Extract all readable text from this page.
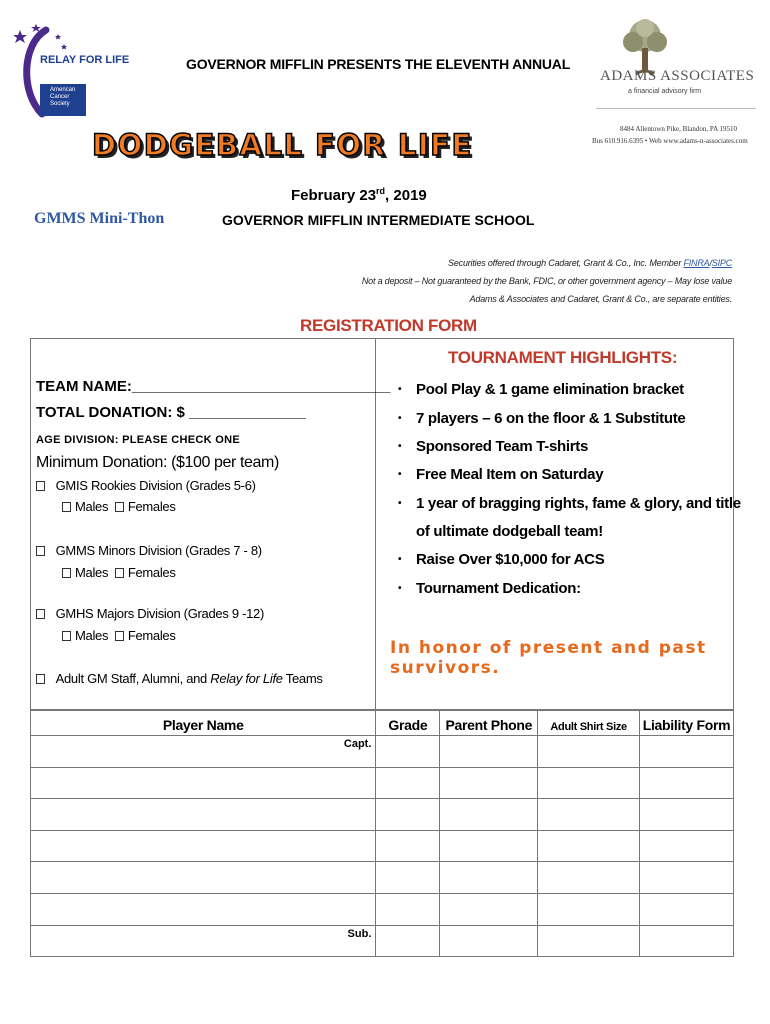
RELAY FOR LIFE
American Cancer Society
GOVERNOR MIFFLIN PRESENTS THE ELEVENTH ANNUAL
ADAMS ASSOCIATES
a financial advisory firm
8484 Allentown Pike, Blandon, PA 19510
Bus 610.916.6395 • Web www.adams-n-associates.com
DODGEBALL FOR LIFE
February 23rd, 2019
GOVERNOR MIFFLIN INTERMEDIATE SCHOOL
GMMS Mini-Thon
Securities offered through Cadaret, Grant & Co., Inc. Member FINRA/SIPC
Not a deposit – Not guaranteed by the Bank, FDIC, or other government agency – May lose value
Adams & Associates and Cadaret, Grant & Co., are separate entities.
REGISTRATION FORM
TEAM NAME:_______________________________
TOTAL DONATION: $ ______________
AGE DIVISION: PLEASE CHECK ONE
Minimum Donation: ($100 per team)
GMIS Rookies Division (Grades 5-6)
Males Females
GMMS Minors Division (Grades 7 - 8)
Males Females
GMHS Majors Division (Grades 9 -12)
Males Females
Adult GM Staff, Alumni, and Relay for Life Teams
TOURNAMENT HIGHLIGHTS:
• Pool Play & 1 game elimination bracket
• 7 players – 6 on the floor & 1 Substitute
• Sponsored Team T-shirts
• Free Meal Item on Saturday
• 1 year of bragging rights, fame & glory, and title
of ultimate dodgeball team!
• Raise Over $10,000 for ACS
• Tournament Dedication:
In honor of present and past survivors.
Player Name	Grade	Parent Phone	Adult Shirt Size	Liability Form
Capt.				

Sub.				
